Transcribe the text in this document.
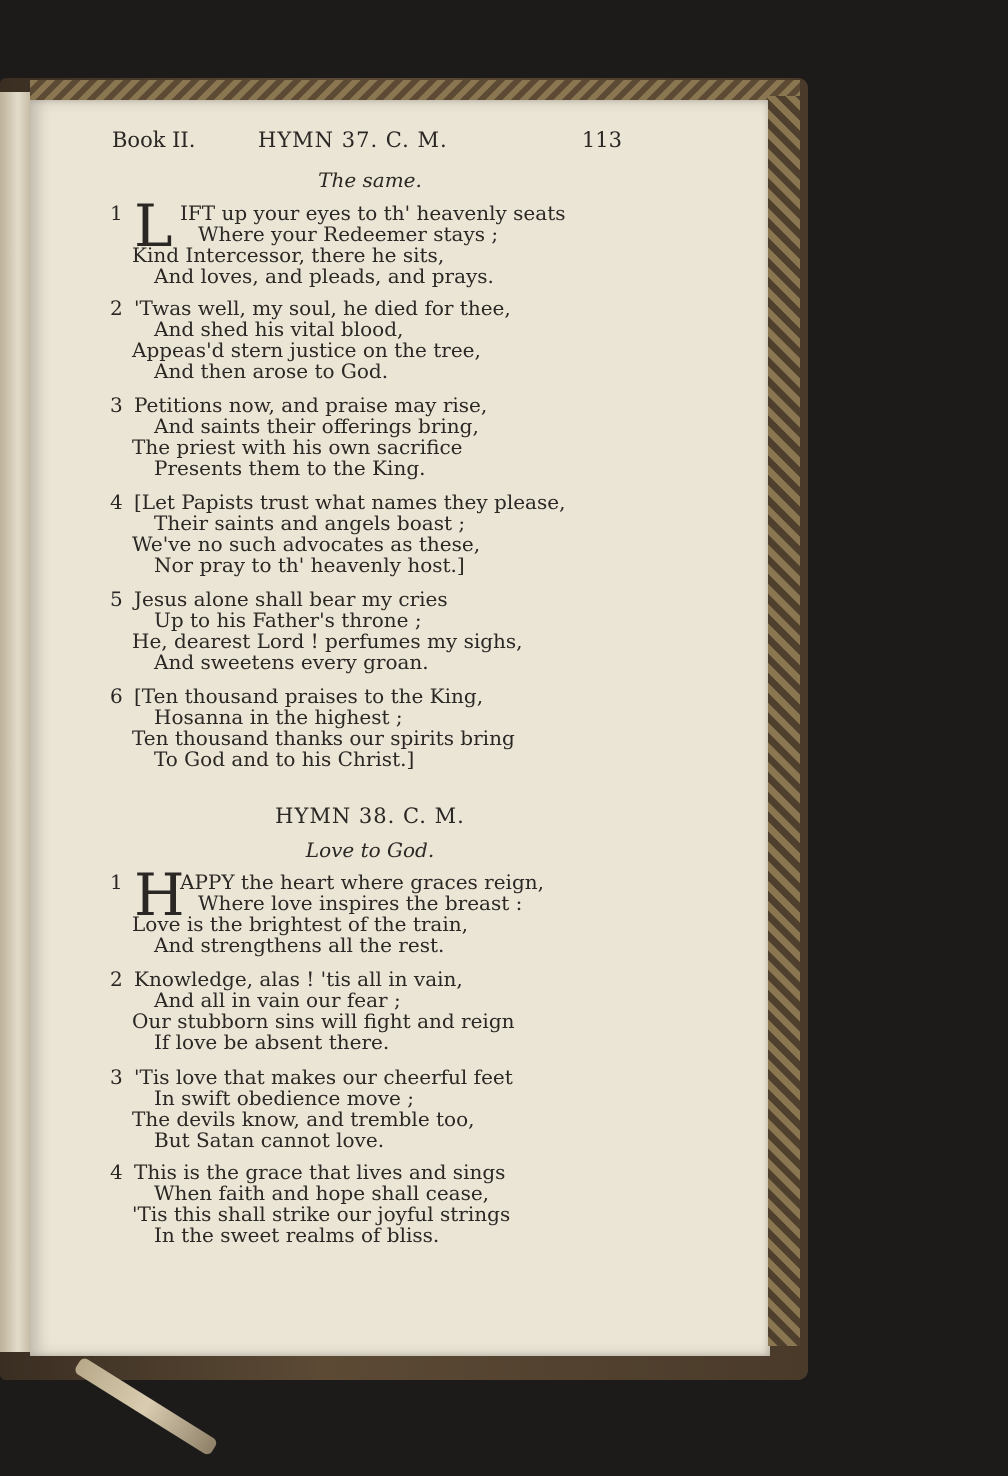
Book II.	HYMN 37. C. M.	113
The same.
1 L IFT up your eyes to th' heavenly seats
Where your Redeemer stays ;
Kind Intercessor, there he sits,
And loves, and pleads, and prays.
2 'Twas well, my soul, he died for thee,
And shed his vital blood,
Appeas'd stern justice on the tree,
And then arose to God.
3 Petitions now, and praise may rise,
And saints their offerings bring,
The priest with his own sacrifice
Presents them to the King.
4 [Let Papists trust what names they please,
Their saints and angels boast ;
We've no such advocates as these,
Nor pray to th' heavenly host.]
5 Jesus alone shall bear my cries
Up to his Father's throne ;
He, dearest Lord ! perfumes my sighs,
And sweetens every groan.
6 [Ten thousand praises to the King,
Hosanna in the highest ;
Ten thousand thanks our spirits bring
To God and to his Christ.]
HYMN 38. C. M.
Love to God.
1 H
APPY the heart where graces reign,
Where love inspires the breast :
Love is the brightest of the train,
And strengthens all the rest.
2 Knowledge, alas ! 'tis all in vain,
And all in vain our fear ;
Our stubborn sins will fight and reign
If love be absent there.
3 'Tis love that makes our cheerful feet
In swift obedience move ;
The devils know, and tremble too,
But Satan cannot love.
4 This is the grace that lives and sings
When faith and hope shall cease,
'Tis this shall strike our joyful strings
In the sweet realms of bliss.
